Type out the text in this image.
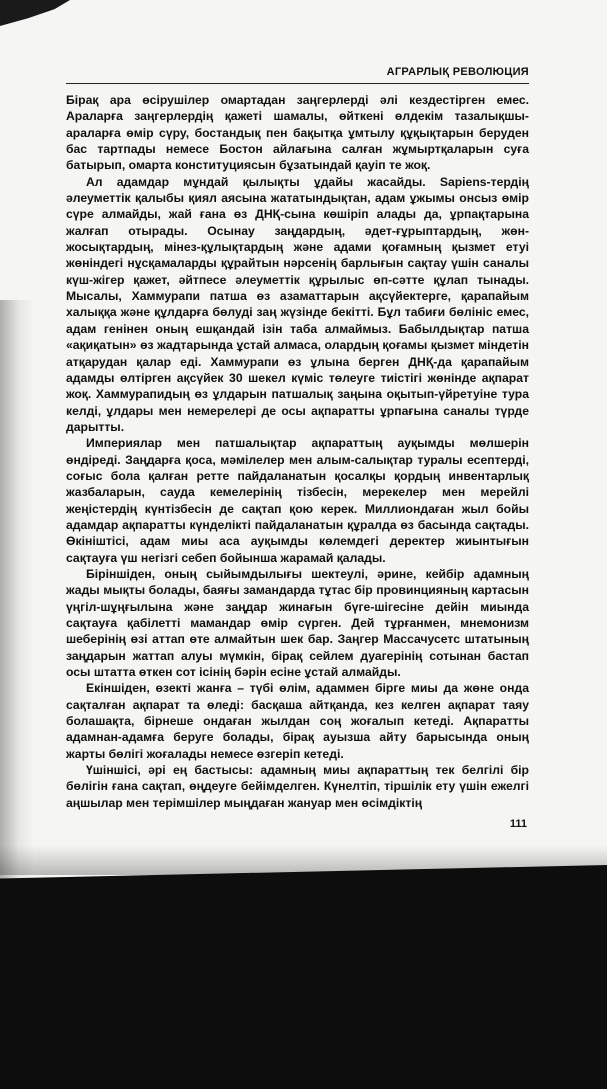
АГРАРЛЫҚ РЕВОЛЮЦИЯ

Бірақ ара өсірушілер омартадан заңгерлерді әлі кездестірген емес. Араларға заңгерлердің қажеті шамалы, өйткені өлдекім тазалықшы-араларға өмір сүру, бостандық пен бақытқа ұмтылу құқықтарын беруден бас тартпады немесе Бостон айлағына салған жұмыртқаларын суға батырып, омарта конституциясын бұзатындай қауіп те жоқ.

Ал адамдар мұндай қылықты ұдайы жасайды. Sapiens-тердің әлеуметтік қалыбы қиял аясына жататындықтан, адам ұжымы онсыз өмір сүре алмайды, жай ғана өз ДНҚ-сына көшіріп алады да, ұрпақтарына жалғап отырады. Осынау заңдардың, әдет-ғұрыптардың, жөн-жосықтардың, мінез-құлықтардың және адами қоғамның қызмет етуі жөніндегі нұсқамаларды құрайтын нәрсенің барлығын сақтау үшін саналы күш-жігер қажет, әйтпесе әлеуметтік құрылыс өп-сәтте құлап тынады. Мысалы, Хаммурапи патша өз азаматтарын ақсүйектерге, қарапайым халыққа және құлдарға бөлуді заң жүзінде бекітті. Бұл табиғи бөлініс емес, адам генінен оның ешқандай ізін таба алмаймыз. Бабылдықтар патша «ақиқатын» өз жадтарында ұстай алмаса, олардың қоғамы қызмет міндетін атқарудан қалар еді. Хаммурапи өз ұлына берген ДНҚ-да қарапайым адамды өлтірген ақсүйек 30 шекел күміс төлеуге тиістігі жөнінде ақпарат жоқ. Хаммурапидың өз ұлдарын патшалық заңына оқытып-үйретуіне тура келді, ұлдары мен немерелері де осы ақпаратты ұрпағына саналы түрде дарытты.

Империялар мен патшалықтар ақпараттың ауқымды мөлшерін өндіреді. Заңдарға қоса, мәмілелер мен алым-салықтар туралы есептерді, соғыс бола қалған ретте пайдаланатын қосалқы қордың инвентарлық жазбаларын, сауда кемелерінің тізбесін, мерекелер мен мерейлі жеңістердің күнтізбесін де сақтап қою керек. Миллиондаған жыл бойы адамдар ақпаратты күнделікті пайдаланатын құралда өз басында сақтады. Өкініштісі, адам миы аса ауқымды көлемдегі деректер жиынтығын сақтауға үш негізгі себеп бойынша жарамай қалады.

Біріншіден, оның сыйымдылығы шектеулі, әрине, кейбір адамның жады мықты болады, баяғы замандарда тұтас бір провинцияның картасын үңгіл-шұңғылына және заңдар жинағын бүге-шігесіне дейін миында сақтауға қабілетті мамандар өмір сүрген. Дей тұрғанмен, мнемонизм шеберінің өзі аттап өте алмайтын шек бар. Заңгер Массачусетс штатының заңдарын жаттап алуы мүмкін, бірақ сейлем дуагерінің сотынан бастап осы штатта өткен сот ісінің бәрін есіне ұстай алмайды.

Екіншіден, өзекті жанға – түбі өлім, адаммен бірге миы да жөне онда сақталған ақпарат та өледі: басқаша айтқанда, кез келген ақпарат таяу болашақта, бірнеше ондаған жылдан соң жоғалып кетеді. Ақпаратты адамнан-адамға беруге болады, бірақ ауызша айту барысында оның жарты бөлігі жоғалады немесе өзгеріп кетеді.

Үшіншісі, әрі ең бастысы: адамның миы ақпараттың тек белгілі бір бөлігін ғана сақтап, өңдеуге бейімделген. Күнелтіп, тіршілік ету үшін ежелгі аңшылар мен терімшілер мыңдаған жануар мен өсімдіктің

111
